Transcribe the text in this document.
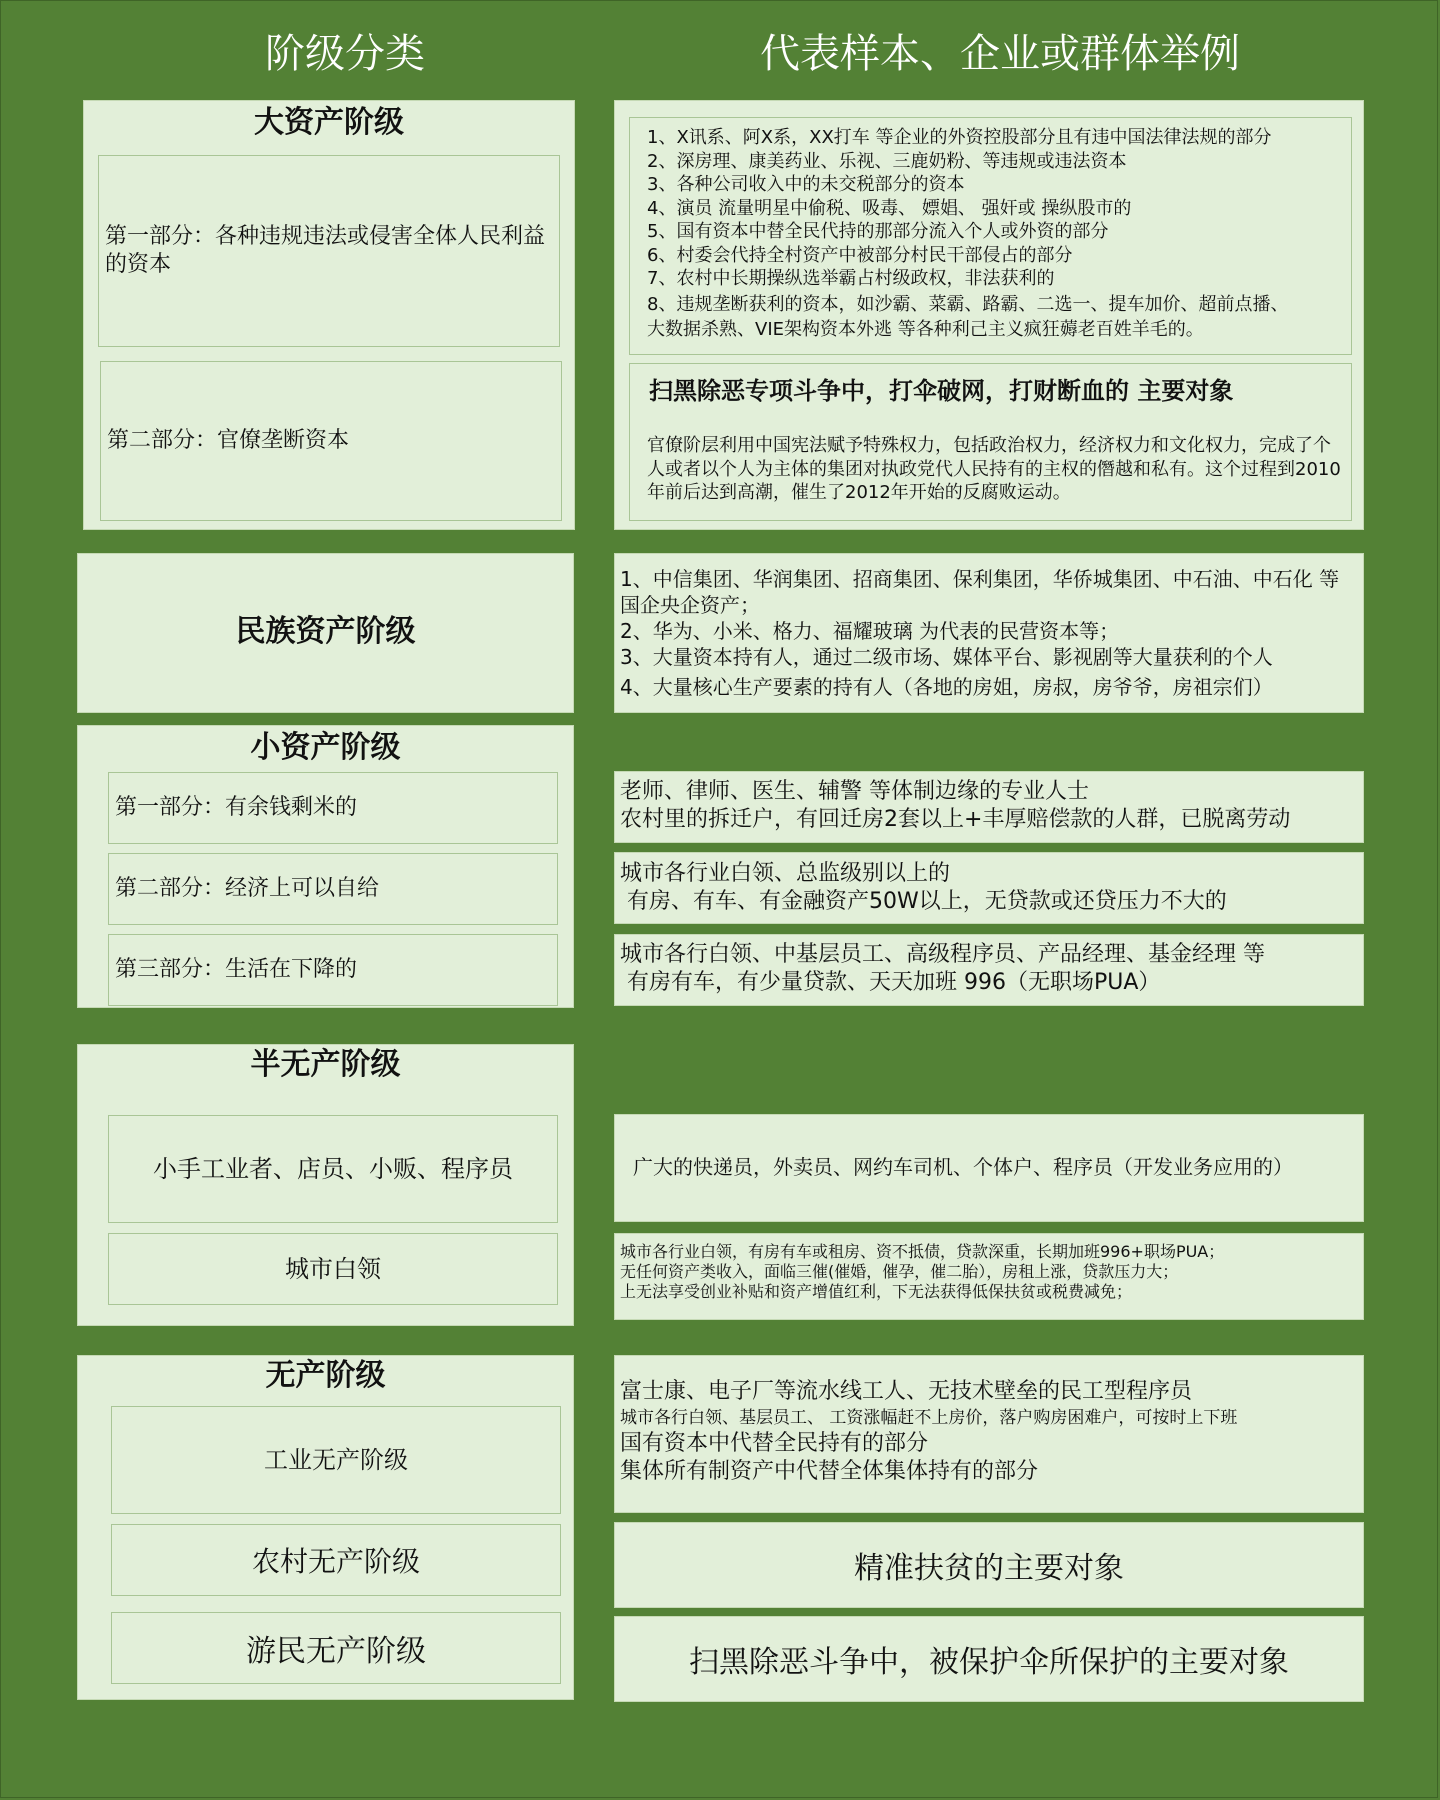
阶级分类	代表样本、企业或群体举例
大资产阶级
第一部分：各种违规违法或侵害全体人民利益的资本
第二部分：官僚垄断资本
1、X讯系、阿X系，XX打车 等企业的外资控股部分且有违中国法律法规的部分
2、深房理、康美药业、乐视、三鹿奶粉、等违规或违法资本
3、各种公司收入中的未交税部分的资本
4、演员 流量明星中偷税、吸毒、 嫖娼、 强奸或 操纵股市的
5、国有资本中替全民代持的那部分流入个人或外资的部分
6、村委会代持全村资产中被部分村民干部侵占的部分
7、农村中长期操纵选举霸占村级政权，非法获利的
8、违规垄断获利的资本，如沙霸、菜霸、路霸、二选一、提车加价、超前点播、
大数据杀熟、VIE架构资本外逃 等各种利己主义疯狂薅老百姓羊毛的。
扫黑除恶专项斗争中，打伞破网，打财断血的 主要对象
官僚阶层利用中国宪法赋予特殊权力，包括政治权力，经济权力和文化权力，完成了个人或者以个人为主体的集团对执政党代人民持有的主权的僭越和私有。这个过程到2010年前后达到高潮，催生了2012年开始的反腐败运动。
民族资产阶级
1、中信集团、华润集团、招商集团、保利集团，华侨城集团、中石油、中石化 等国企央企资产；
2、华为、小米、格力、福耀玻璃 为代表的民营资本等；
3、大量资本持有人，通过二级市场、媒体平台、影视剧等大量获利的个人
4、大量核心生产要素的持有人（各地的房姐，房叔，房爷爷，房祖宗们）
小资产阶级
第一部分：有余钱剩米的
第二部分：经济上可以自给
第三部分：生活在下降的
老师、律师、医生、辅警 等体制边缘的专业人士
农村里的拆迁户，有回迁房2套以上+丰厚赔偿款的人群，已脱离劳动
城市各行业白领、总监级别以上的
有房、有车、有金融资产50W以上，无贷款或还贷压力不大的
城市各行白领、中基层员工、高级程序员、产品经理、基金经理 等
有房有车，有少量贷款、天天加班 996（无职场PUA）
半无产阶级
小手工业者、店员、小贩、程序员
城市白领
广大的快递员，外卖员、网约车司机、个体户、程序员（开发业务应用的）
城市各行业白领，有房有车或租房、资不抵债，贷款深重，长期加班996+职场PUA；
无任何资产类收入，面临三催(催婚，催孕，催二胎），房租上涨，贷款压力大；
上无法享受创业补贴和资产增值红利，下无法获得低保扶贫或税费减免；
无产阶级
工业无产阶级
农村无产阶级
游民无产阶级
富士康、电子厂等流水线工人、无技术壁垒的民工型程序员
城市各行白领、基层员工、 工资涨幅赶不上房价，落户购房困难户，可按时上下班
国有资本中代替全民持有的部分
集体所有制资产中代替全体集体持有的部分
精准扶贫的主要对象
扫黑除恶斗争中，被保护伞所保护的主要对象
